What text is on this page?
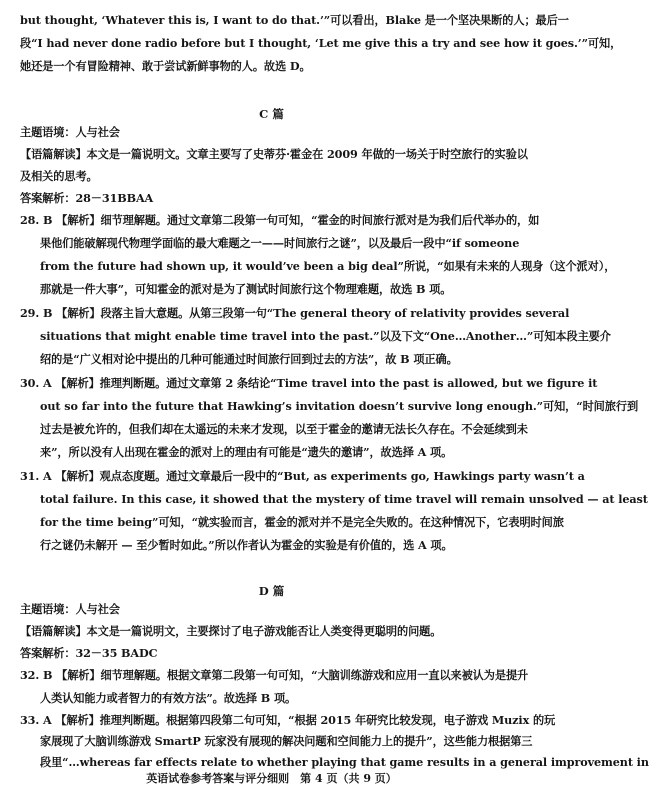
but thought, ‘Whatever this is, I want to do that.’”可以看出，Blake 是一个坚决果断的人；最后一
段“I had never done radio before but I thought, ‘Let me give this a try and see how it goes.’”可知，
她还是一个有冒险精神、敢于尝试新鲜事物的人。故选 D。
C 篇
主题语境：人与社会
【语篇解读】本文是一篇说明文。文章主要写了史蒂芬·霍金在 2009 年做的一场关于时空旅行的实验以
及相关的思考。
答案解析：28－31BBAA
28. B 【解析】细节理解题。通过文章第二段第一句可知，“霍金的时间旅行派对是为我们后代举办的，如
果他们能破解现代物理学面临的最大难题之一——时间旅行之谜”，以及最后一段中“if someone
from the future had shown up, it would’ve been a big deal”所说，“如果有未来的人现身（这个派对），
那就是一件大事”，可知霍金的派对是为了测试时间旅行这个物理难题，故选 B 项。
29. B 【解析】段落主旨大意题。从第三段第一句“The general theory of relativity provides several
situations that might enable time travel into the past.”以及下文“One…Another…”可知本段主要介
绍的是“广义相对论中提出的几种可能通过时间旅行回到过去的方法”，故 B 项正确。
30. A 【解析】推理判断题。通过文章第 2 条结论“Time travel into the past is allowed, but we figure it
out so far into the future that Hawking’s invitation doesn’t survive long enough.”可知，“时间旅行到
过去是被允许的，但我们却在太遥远的未来才发现，以至于霍金的邀请无法长久存在。不会延续到未
来”，所以没有人出现在霍金的派对上的理由有可能是“遗失的邀请”，故选择 A 项。
31. A 【解析】观点态度题。通过文章最后一段中的“But, as experiments go, Hawkings party wasn’t a
total failure. In this case, it showed that the mystery of time travel will remain unsolved — at least
for the time being”可知，“就实验而言，霍金的派对并不是完全失败的。在这种情况下，它表明时间旅
行之谜仍未解开 — 至少暂时如此。”所以作者认为霍金的实验是有价值的，选 A 项。
D 篇
主题语境：人与社会
【语篇解读】本文是一篇说明文，主要探讨了电子游戏能否让人类变得更聪明的问题。
答案解析：32－35 BADC
32. B 【解析】细节理解题。根据文章第二段第一句可知，“大脑训练游戏和应用一直以来被认为是提升
人类认知能力或者智力的有效方法”。故选择 B 项。
33. A 【解析】推理判断题。根据第四段第二句可知，“根据 2015 年研究比较发现，电子游戏 Muzix 的玩
家展现了大脑训练游戏 SmartP 玩家没有展现的解决问题和空间能力上的提升”，这些能力根据第三
段里“…whereas far effects relate to whether playing that game results in a general improvement in
英语试卷参考答案与评分细则　第 4 页（共 9 页）
